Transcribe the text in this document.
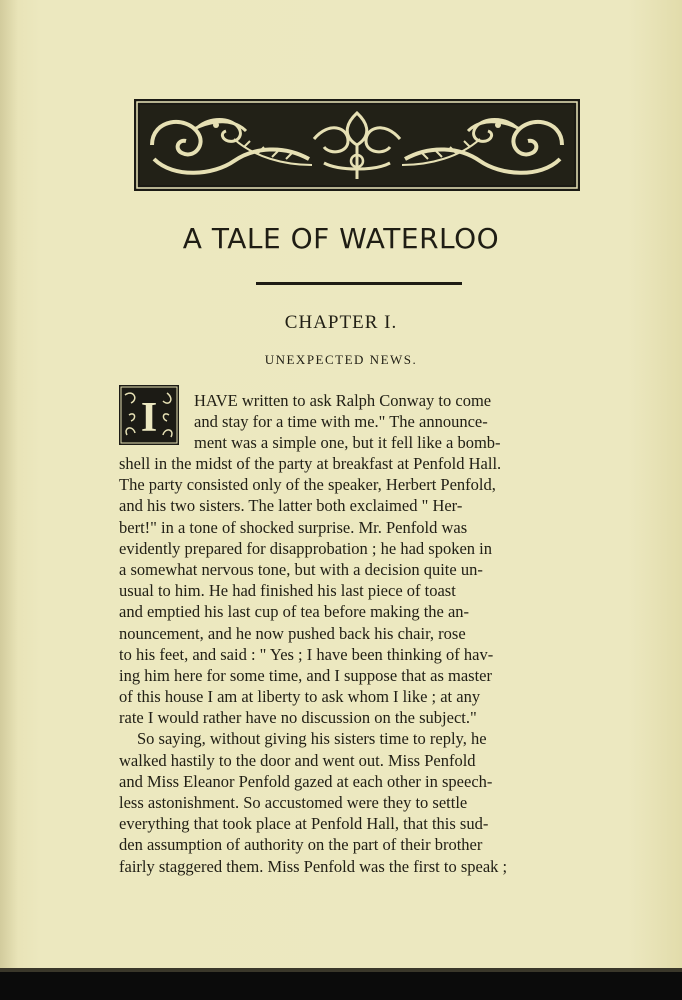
A TALE OF WATERLOO
CHAPTER I.
UNEXPECTED NEWS.
I HAVE written to ask Ralph Conway to come
and stay for a time with me." The announce-
ment was a simple one, but it fell like a bomb-
shell in the midst of the party at breakfast at Penfold Hall.
The party consisted only of the speaker, Herbert Penfold,
and his two sisters. The latter both exclaimed " Her-
bert!" in a tone of shocked surprise. Mr. Penfold was
evidently prepared for disapprobation ; he had spoken in
a somewhat nervous tone, but with a decision quite un-
usual to him. He had finished his last piece of toast
and emptied his last cup of tea before making the an-
nouncement, and he now pushed back his chair, rose
to his feet, and said : " Yes ; I have been thinking of hav-
ing him here for some time, and I suppose that as master
of this house I am at liberty to ask whom I like ; at any
rate I would rather have no discussion on the subject."
So saying, without giving his sisters time to reply, he
walked hastily to the door and went out. Miss Penfold
and Miss Eleanor Penfold gazed at each other in speech-
less astonishment. So accustomed were they to settle
everything that took place at Penfold Hall, that this sud-
den assumption of authority on the part of their brother
fairly staggered them. Miss Penfold was the first to speak ;
